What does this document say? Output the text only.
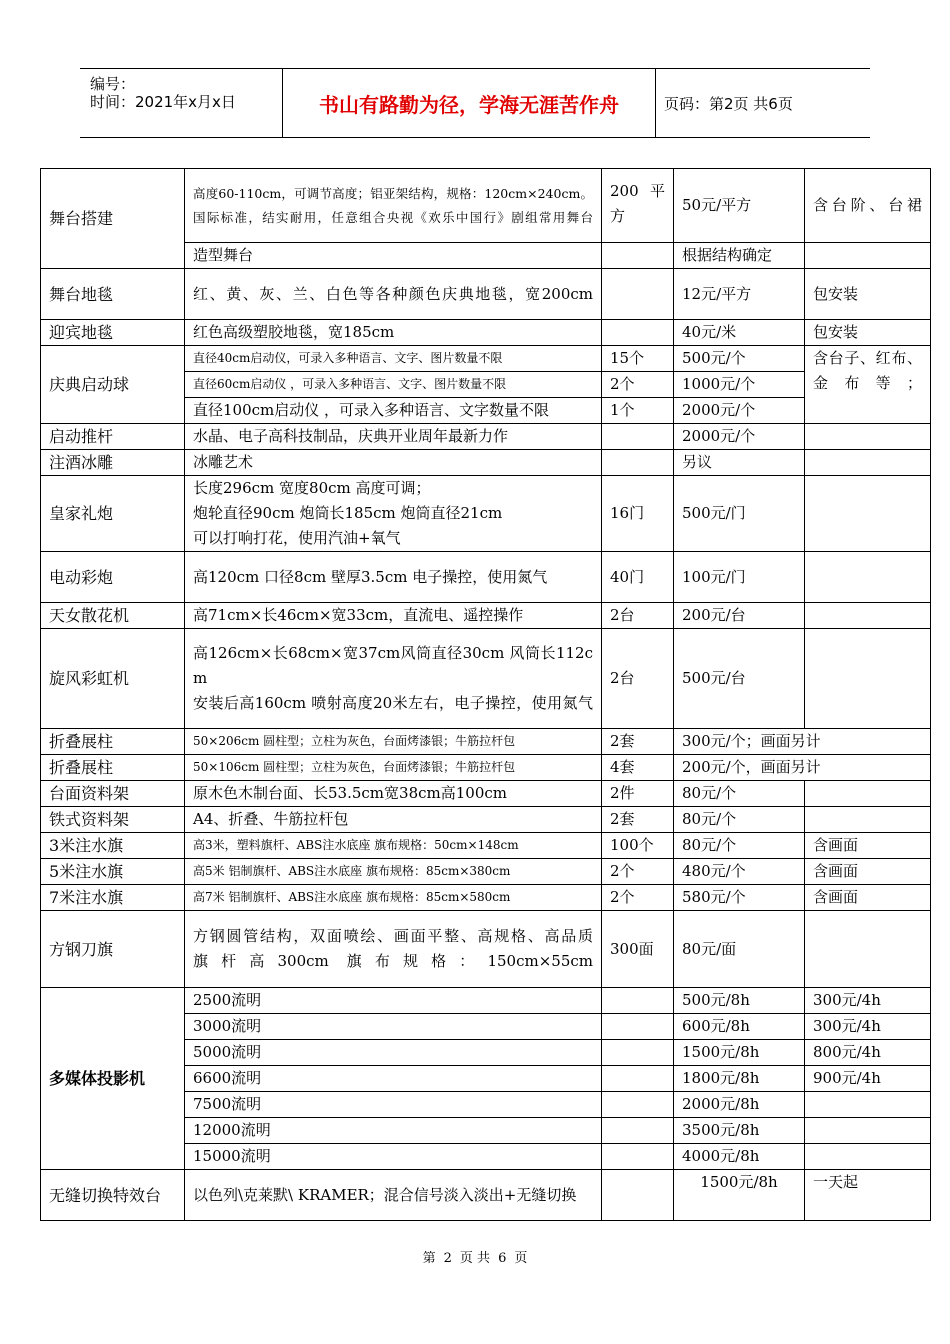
编号：
时间：2021年x月x日	书山有路勤为径，学海无涯苦作舟	页码：第2页 共6页
舞台搭建	高度60-110cm，可调节高度；铝亚架结构，规格：120cm×240cm。国际标准，结实耐用，任意组合央视《欢乐中国行》剧组常用舞台	200 平方	50元/平方	含台阶、台裙
	造型舞台		根据结构确定	
舞台地毯	红、黄、灰、兰、白色等各种颜色庆典地毯，宽200cm		12元/平方	包安装
迎宾地毯	红色高级塑胶地毯，宽185cm		40元/米	包安装
庆典启动球	直径40cm启动仪，可录入多种语言、文字、图片数量不限	15个	500元/个	含台子、红布、金布等；
	直径60cm启动仪 ，可录入多种语言、文字、图片数量不限	2个	1000元/个	
	直径100cm启动仪 ，可录入多种语言、文字数量不限	1个	2000元/个	
启动推杆	水晶、电子高科技制品，庆典开业周年最新力作		2000元/个	
注酒冰雕	冰雕艺术		另议	
皇家礼炮	长度296cm 宽度80cm 高度可调；
炮轮直径90cm 炮筒长185cm 炮筒直径21cm
可以打响打花，使用汽油+氧气	16门	500元/门	
电动彩炮	高120cm 口径8cm 壁厚3.5cm 电子操控，使用氮气	40门	100元/门	
天女散花机	高71cm×长46cm×宽33cm，直流电、遥控操作	2台	200元/台	
旋风彩虹机	高126cm×长68cm×宽37cm风筒直径30cm 风筒长112cm
安装后高160cm 喷射高度20米左右，电子操控，使用氮气	2台	500元/台	
折叠展柱	50×206cm 圆柱型；立柱为灰色，台面烤漆银；牛筋拉杆包	2套	300元/个；画面另计	
折叠展柱	50×106cm 圆柱型；立柱为灰色，台面烤漆银；牛筋拉杆包	4套	200元/个，画面另计	
台面资料架	原木色木制台面、长53.5cm宽38cm高100cm	2件	80元/个	
铁式资料架	A4、折叠、牛筋拉杆包	2套	80元/个	
3米注水旗	高3米，塑料旗杆、ABS注水底座 旗布规格：50cm×148cm	100个	80元/个	含画面
5米注水旗	高5米 铝制旗杆、ABS注水底座 旗布规格：85cm×380cm	2个	480元/个	含画面
7米注水旗	高7米 铝制旗杆、ABS注水底座 旗布规格：85cm×580cm	2个	580元/个	含画面
方钢刀旗	方钢圆管结构，双面喷绘、画面平整、高规格、高品质
旗杆高300cm 旗布规格：150cm×55cm	300面	80元/面	
多媒体投影机	2500流明		500元/8h	300元/4h
	3000流明		600元/8h	300元/4h
	5000流明		1500元/8h	800元/4h
	6600流明		1800元/8h	900元/4h
	7500流明		2000元/8h	
	12000流明		3500元/8h	
	15000流明		4000元/8h	
无缝切换特效台	以色列\克莱默\ KRAMER；混合信号淡入淡出+无缝切换		1500元/8h	一天起
第 2 页 共 6 页
